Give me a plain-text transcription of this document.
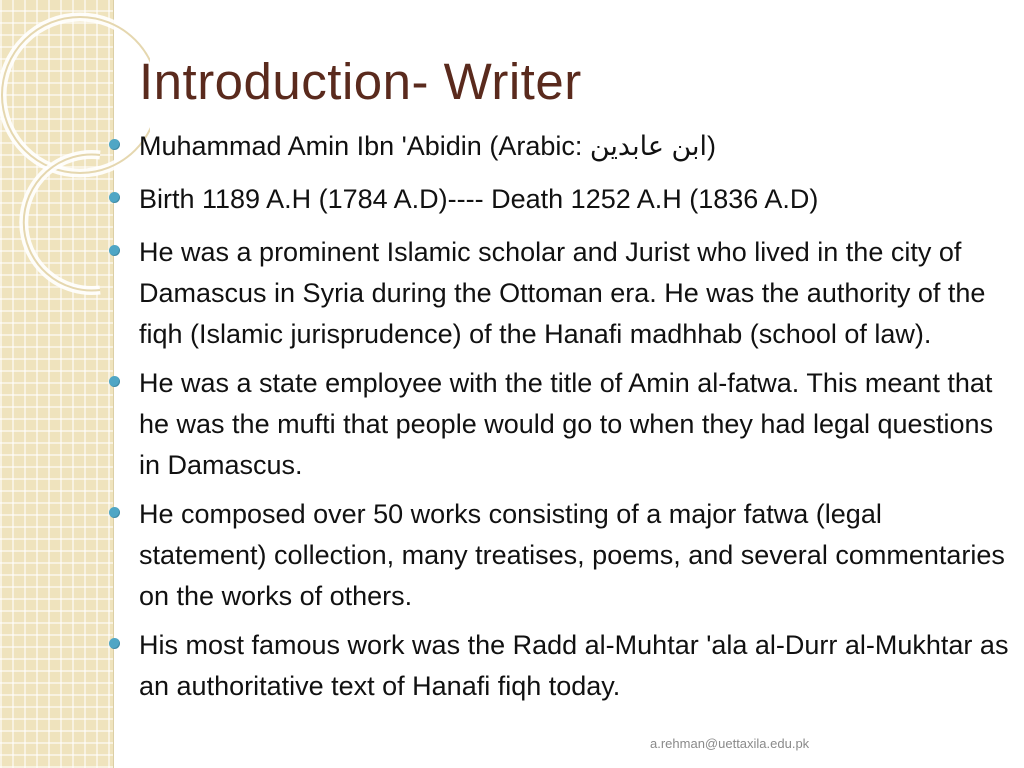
Introduction- Writer
Muhammad Amin Ibn 'Abidin (Arabic: ابن عابدين)
Birth 1189 A.H (1784 A.D)---- Death 1252 A.H (1836 A.D)
He was a prominent Islamic scholar and Jurist who lived in the city of Damascus in Syria during the Ottoman era. He was the authority of the fiqh (Islamic jurisprudence) of the Hanafi madhhab (school of law).
He was a state employee with the title of Amin al-fatwa. This meant that he was the mufti that people would go to when they had legal questions in Damascus.
He composed over 50 works consisting of a major fatwa (legal statement) collection, many treatises, poems, and several commentaries on the works of others.
His most famous work was the Radd al-Muhtar 'ala al-Durr al-Mukhtar as an authoritative text of Hanafi fiqh today.
a.rehman@uettaxila.edu.pk
